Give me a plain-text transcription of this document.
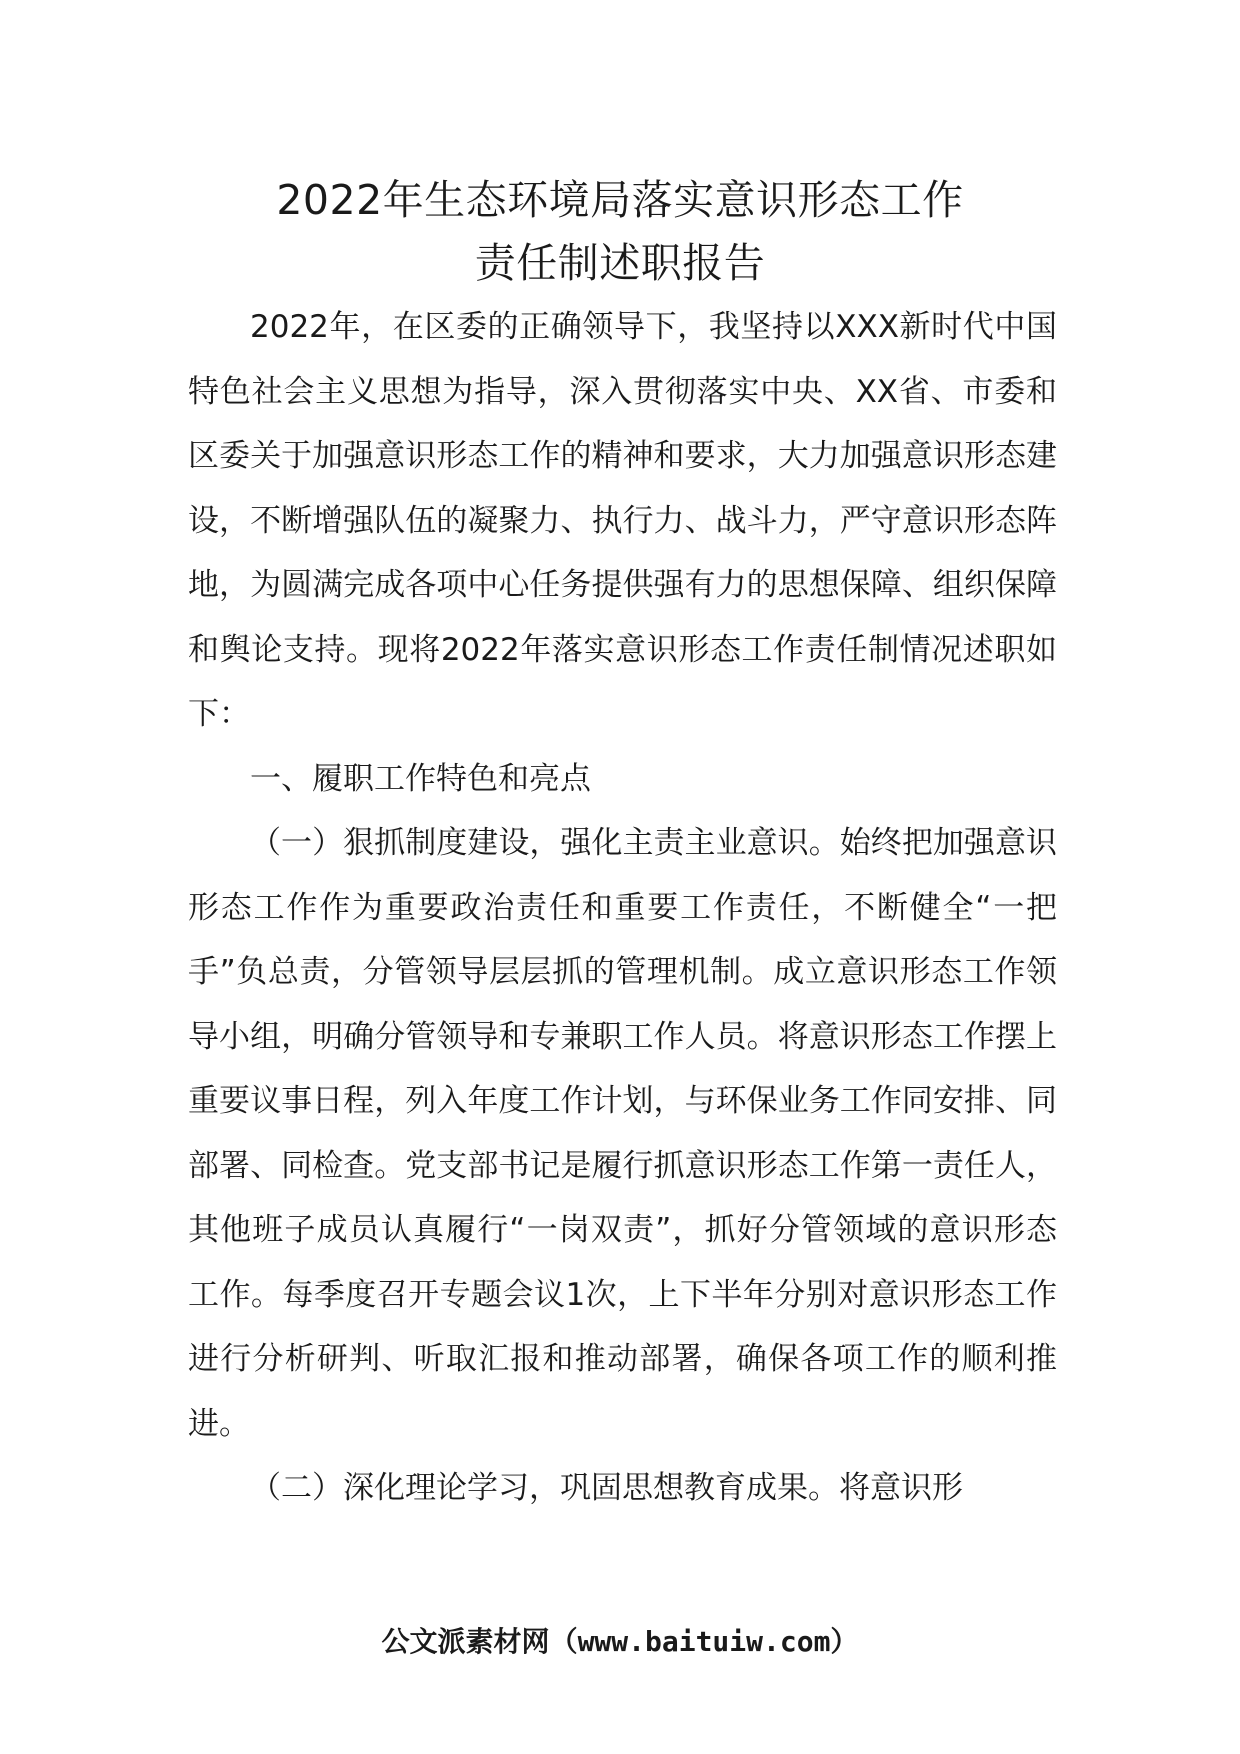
2022年生态环境局落实意识形态工作
责任制述职报告

2022年，在区委的正确领导下，我坚持以XXX新时代中国特色社会主义思想为指导，深入贯彻落实中央、XX省、市委和区委关于加强意识形态工作的精神和要求，大力加强意识形态建设，不断增强队伍的凝聚力、执行力、战斗力，严守意识形态阵地，为圆满完成各项中心任务提供强有力的思想保障、组织保障和舆论支持。现将2022年落实意识形态工作责任制情况述职如下：

一、履职工作特色和亮点

（一）狠抓制度建设，强化主责主业意识。始终把加强意识形态工作作为重要政治责任和重要工作责任，不断健全“一把手”负总责，分管领导层层抓的管理机制。成立意识形态工作领导小组，明确分管领导和专兼职工作人员。将意识形态工作摆上重要议事日程，列入年度工作计划，与环保业务工作同安排、同部署、同检查。党支部书记是履行抓意识形态工作第一责任人，其他班子成员认真履行“一岗双责”，抓好分管领域的意识形态工作。每季度召开专题会议1次，上下半年分别对意识形态工作进行分析研判、听取汇报和推动部署，确保各项工作的顺利推进。

（二）深化理论学习，巩固思想教育成果。将意识形

公文派素材网（www.baituiw.com）
